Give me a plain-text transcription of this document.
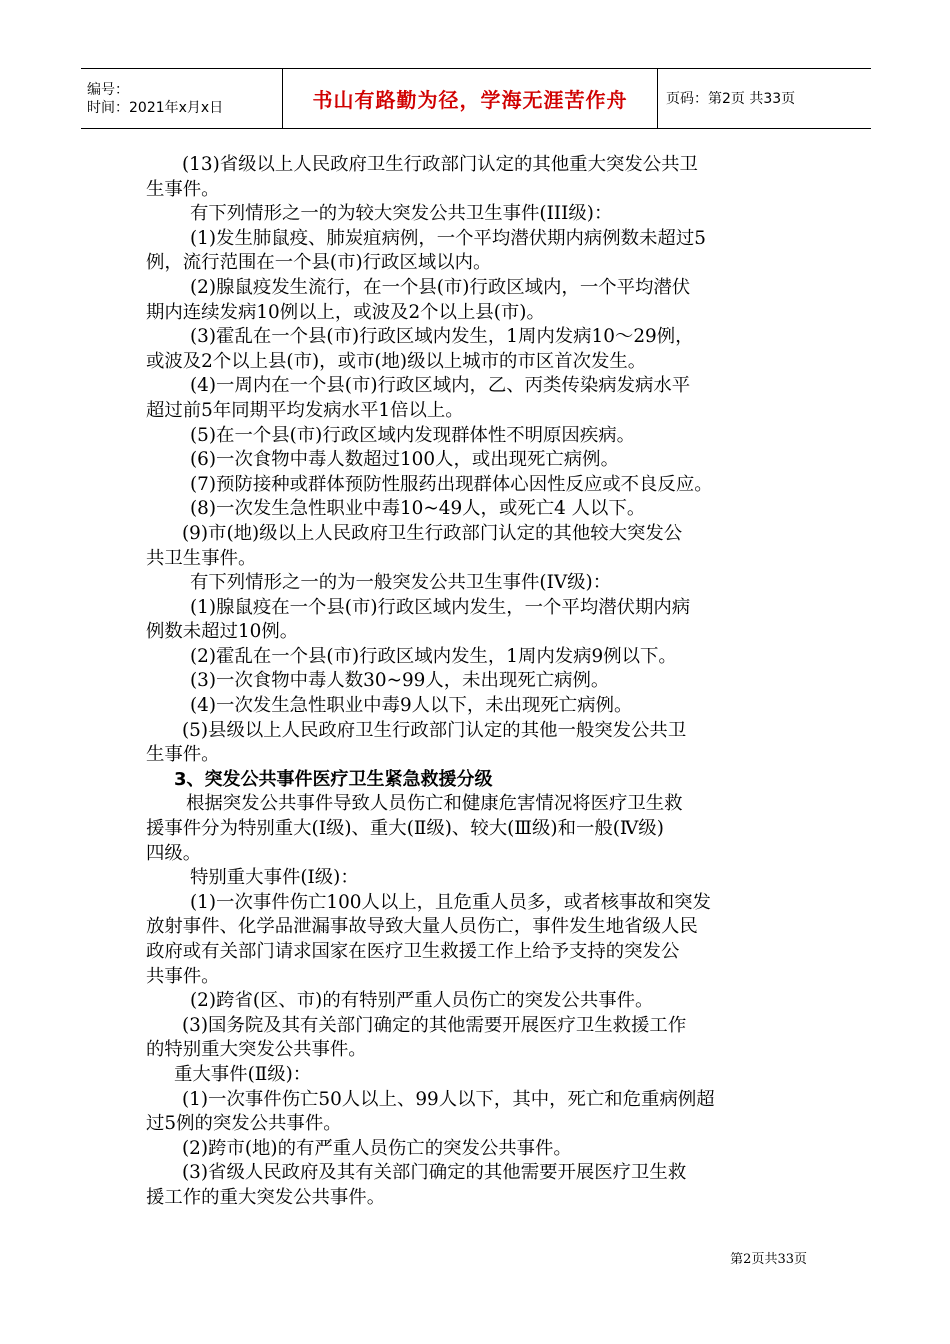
编号：
时间：2021年x月x日	书山有路勤为径，学海无涯苦作舟	页码：第2页 共33页
(13)省级以上人民政府卫生行政部门认定的其他重大突发公共卫
生事件。
有下列情形之一的为较大突发公共卫生事件(III级)：
(1)发生肺鼠疫、肺炭疽病例，一个平均潜伏期内病例数未超过5
例，流行范围在一个县(市)行政区域以内。
(2)腺鼠疫发生流行，在一个县(市)行政区域内，一个平均潜伏
期内连续发病10例以上，或波及2个以上县(市)。
(3)霍乱在一个县(市)行政区域内发生，1周内发病10～29例，
或波及2个以上县(市)，或市(地)级以上城市的市区首次发生。
(4)一周内在一个县(市)行政区域内，乙、丙类传染病发病水平
超过前5年同期平均发病水平1倍以上。
(5)在一个县(市)行政区域内发现群体性不明原因疾病。
(6)一次食物中毒人数超过100人，或出现死亡病例。
(7)预防接种或群体预防性服药出现群体心因性反应或不良反应。
(8)一次发生急性职业中毒10~49人，或死亡4 人以下。
(9)市(地)级以上人民政府卫生行政部门认定的其他较大突发公
共卫生事件。
有下列情形之一的为一般突发公共卫生事件(IV级)：
(1)腺鼠疫在一个县(市)行政区域内发生，一个平均潜伏期内病
例数未超过10例。
(2)霍乱在一个县(市)行政区域内发生，1周内发病9例以下。
(3)一次食物中毒人数30~99人，未出现死亡病例。
(4)一次发生急性职业中毒9人以下，未出现死亡病例。
(5)县级以上人民政府卫生行政部门认定的其他一般突发公共卫
生事件。
3、突发公共事件医疗卫生紧急救援分级
根据突发公共事件导致人员伤亡和健康危害情况将医疗卫生救
援事件分为特别重大(Ⅰ级)、重大(Ⅱ级)、较大(Ⅲ级)和一般(Ⅳ级)
四级。
特别重大事件(Ⅰ级)：
(1)一次事件伤亡100人以上，且危重人员多，或者核事故和突发
放射事件、化学品泄漏事故导致大量人员伤亡，事件发生地省级人民
政府或有关部门请求国家在医疗卫生救援工作上给予支持的突发公
共事件。
(2)跨省(区、市)的有特别严重人员伤亡的突发公共事件。
(3)国务院及其有关部门确定的其他需要开展医疗卫生救援工作
的特别重大突发公共事件。
重大事件(Ⅱ级)：
(1)一次事件伤亡50人以上、99人以下，其中，死亡和危重病例超
过5例的突发公共事件。
(2)跨市(地)的有严重人员伤亡的突发公共事件。
(3)省级人民政府及其有关部门确定的其他需要开展医疗卫生救
援工作的重大突发公共事件。
第2页共33页
